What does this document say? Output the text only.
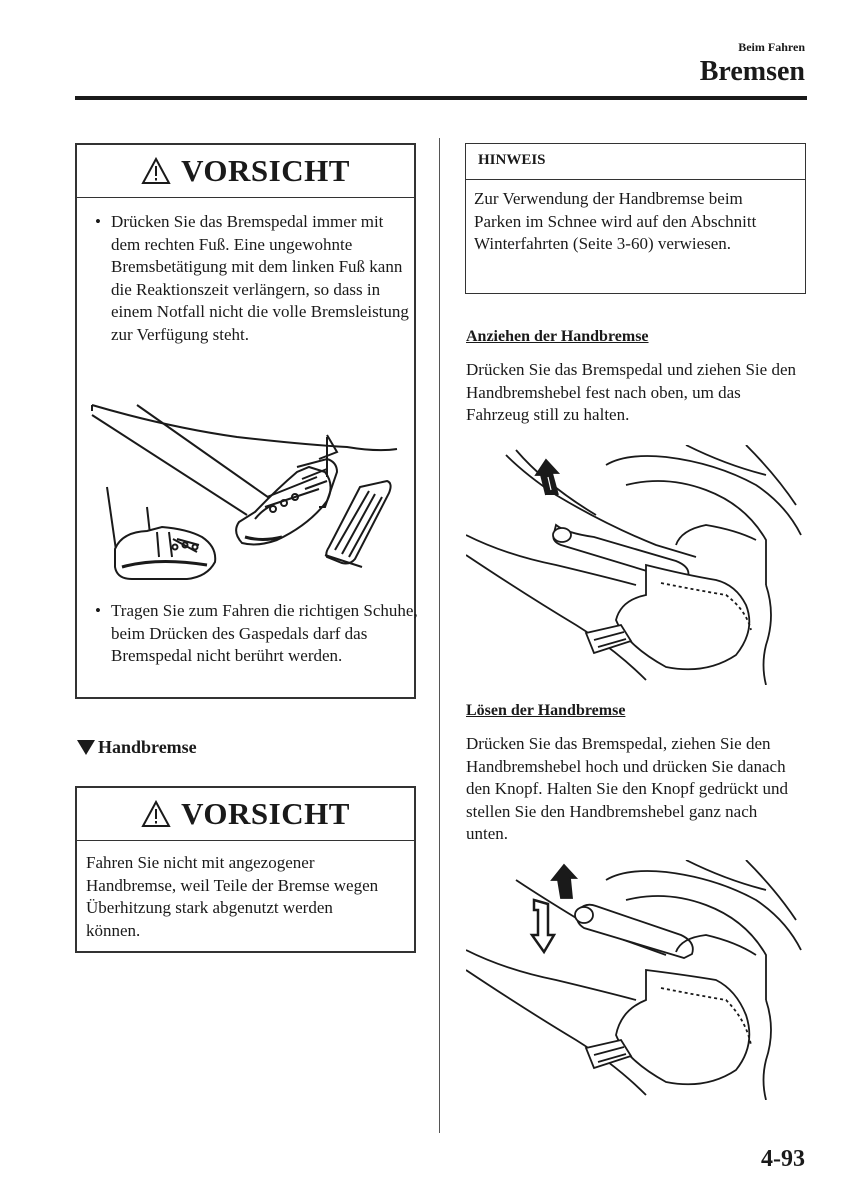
Beim Fahren
Bremsen
VORSICHT
• Drücken Sie das Bremspedal immer mit dem rechten Fuß. Eine ungewohnte Bremsbetätigung mit dem linken Fuß kann die Reaktionszeit verlängern, so dass in einem Notfall nicht die volle Bremsleistung zur Verfügung steht.
• Tragen Sie zum Fahren die richtigen Schuhe, beim Drücken des Gaspedals darf das Bremspedal nicht berührt werden.
Handbremse
VORSICHT
Fahren Sie nicht mit angezogener Handbremse, weil Teile der Bremse wegen Überhitzung stark abgenutzt werden können.
HINWEIS
Zur Verwendung der Handbremse beim Parken im Schnee wird auf den Abschnitt Winterfahrten (Seite 3-60) verwiesen.
Anziehen der Handbremse
Drücken Sie das Bremspedal und ziehen Sie den Handbremshebel fest nach oben, um das Fahrzeug still zu halten.
Lösen der Handbremse
Drücken Sie das Bremspedal, ziehen Sie den Handbremshebel hoch und drücken Sie danach den Knopf. Halten Sie den Knopf gedrückt und stellen Sie den Handbremshebel ganz nach unten.
4-93
